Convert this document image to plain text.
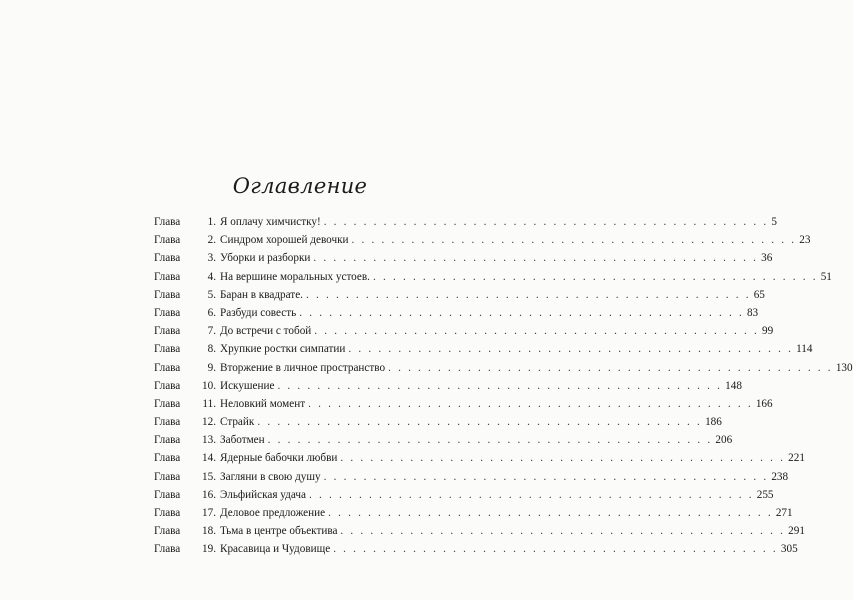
Оглавление
Глава	1. Я оплачу химчистку! . . .	5
Глава	2. Синдром хорошей девочки . . .	23
Глава	3. Уборки и разборки . . .	36
Глава	4. На вершине моральных устоев. . . .	51
Глава	5. Баран в квадрате. . . .	65
Глава	6. Разбуди совесть . . .	83
Глава	7. До встречи с тобой . . .	99
Глава	8. Хрупкие ростки симпатии . . .	114
Глава	9. Вторжение в личное пространство . . .	130
Глава	10. Искушение . . .	148
Глава	11. Неловкий момент . . .	166
Глава	12. Страйк . . .	186
Глава	13. Заботмен . . .	206
Глава	14. Ядерные бабочки любви . . .	221
Глава	15. Загляни в свою душу . . .	238
Глава	16. Эльфийская удача . . .	255
Глава	17. Деловое предложение . . .	271
Глава	18. Тьма в центре объектива . . .	291
Глава	19. Красавица и Чудовище . . .	305
